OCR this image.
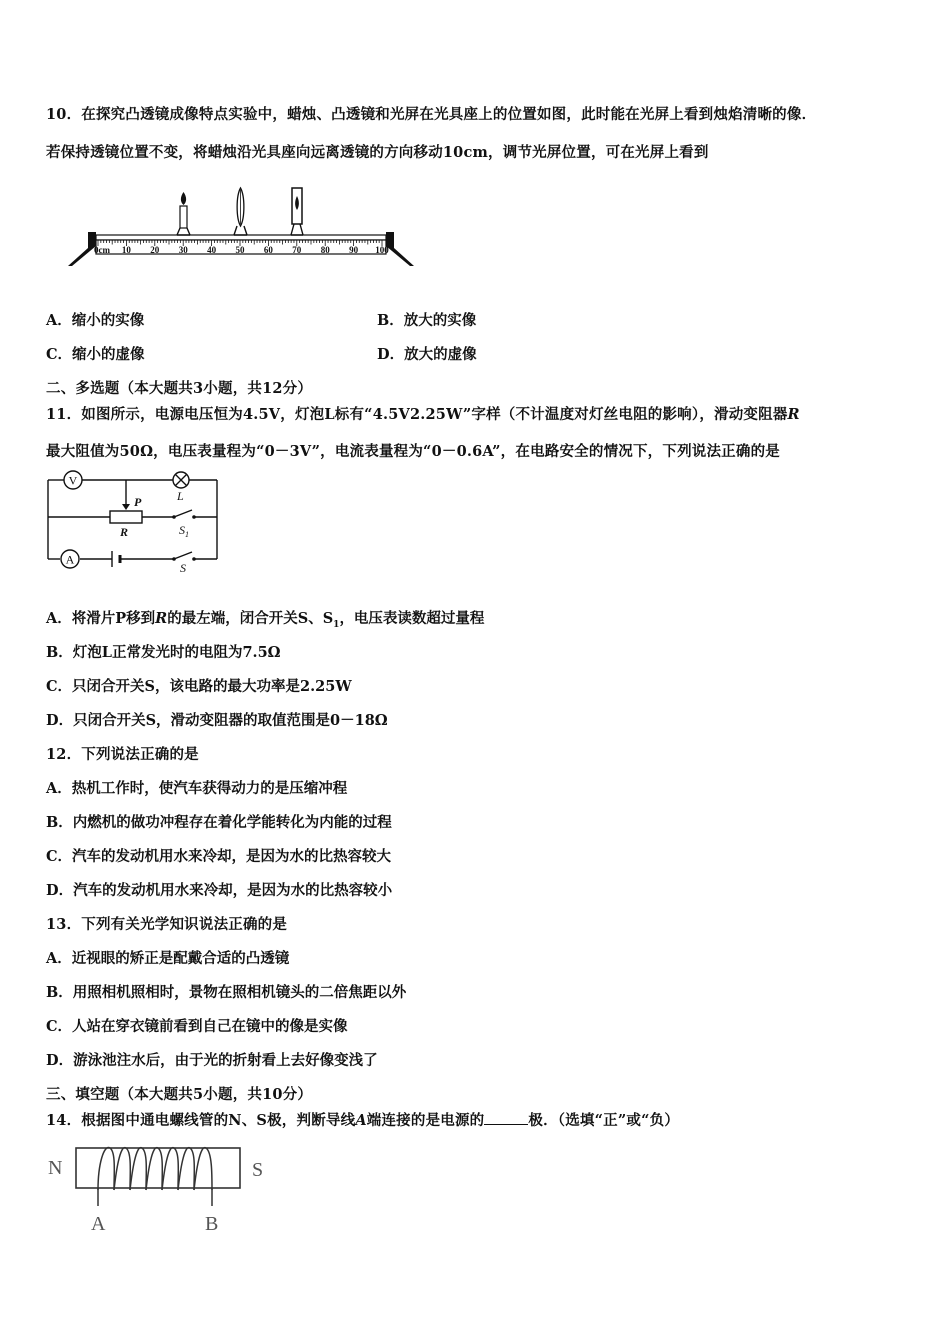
10．在探究凸透镜成像特点实验中，蜡烛、凸透镜和光屏在光具座上的位置如图，此时能在光屏上看到烛焰清晰的像．
若保持透镜位置不变，将蜡烛沿光具座向远离透镜的方向移动10cm，调节光屏位置，可在光屏上看到
0cm 10 20 30 40 50 60 70 80 90 100
A．缩小的实像	B．放大的实像
C．缩小的虚像	D．放大的虚像
二、多选题（本大题共3小题，共12分）
11．如图所示，电源电压恒为4.5V，灯泡L标有“4.5V2.25W”字样（不计温度对灯丝电阻的影响），滑动变阻器R
最大阻值为50Ω，电压表量程为“0－3V”，电流表量程为“0－0.6A”，在电路安全的情况下，下列说法正确的是
V
L
P
R	$S_1$
A
S
A．将滑片P移到R的最左端，闭合开关S、$S_1$，电压表读数超过量程
B．灯泡L正常发光时的电阻为7.5Ω
C．只闭合开关S，该电路的最大功率是2.25W
D．只闭合开关S，滑动变阻器的取值范围是0－18Ω
12．下列说法正确的是
A．热机工作时，使汽车获得动力的是压缩冲程
B．内燃机的做功冲程存在着化学能转化为内能的过程
C．汽车的发动机用水来冷却，是因为水的比热容较大
D．汽车的发动机用水来冷却，是因为水的比热容较小
13．下列有关光学知识说法正确的是
A．近视眼的矫正是配戴合适的凸透镜
B．用照相机照相时，景物在照相机镜头的二倍焦距以外
C．人站在穿衣镜前看到自己在镜中的像是实像
D．游泳池注水后，由于光的折射看上去好像变浅了
三、填空题（本大题共5小题，共10分）
14．根据图中通电螺线管的N、S极，判断导线A端连接的是电源的	极．（选填“正”或“负）
N	S
A	B
